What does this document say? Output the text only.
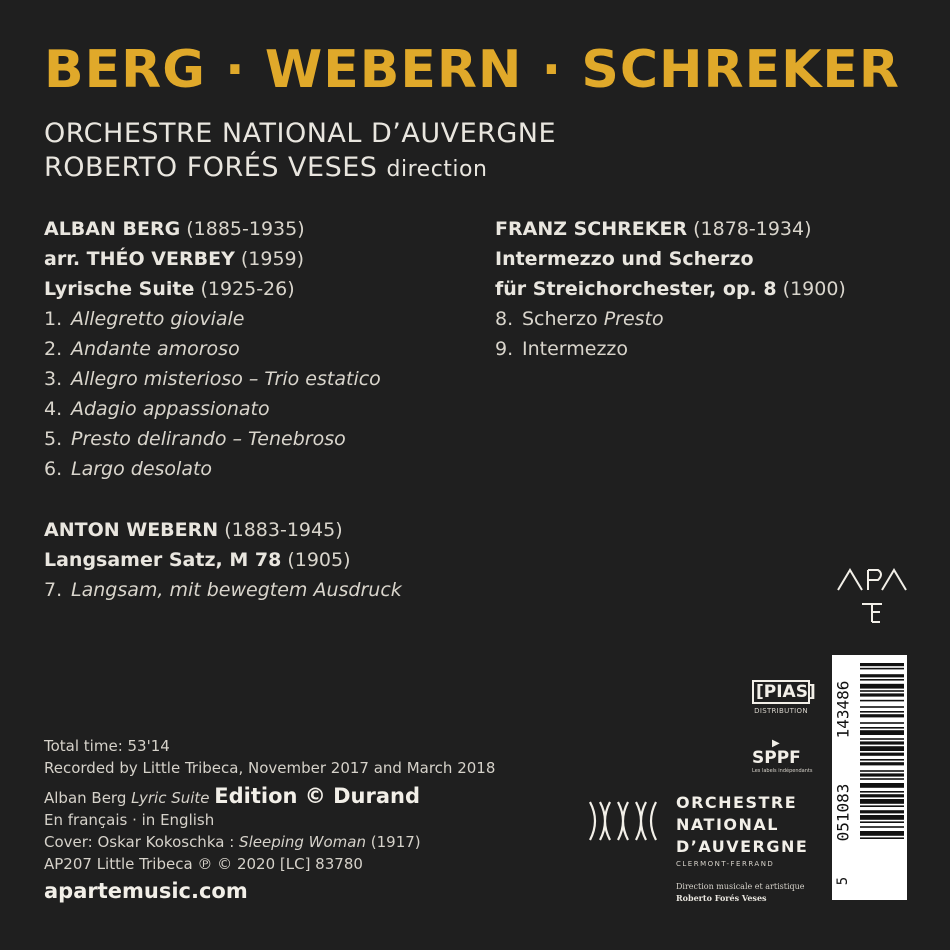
BERG · WEBERN · SCHREKER
ORCHESTRE NATIONAL D’AUVERGNE
ROBERTO FORÉS VESES direction
ALBAN BERG (1885-1935)
arr. THÉO VERBEY (1959)
Lyrische Suite (1925-26)
1. Allegretto gioviale
2. Andante amoroso
3. Allegro misterioso – Trio estatico
4. Adagio appassionato
5. Presto delirando – Tenebroso
6. Largo desolato
ANTON WEBERN (1883-1945)
Langsamer Satz, M 78 (1905)
7. Langsam, mit bewegtem Ausdruck
FRANZ SCHREKER (1878-1934)
Intermezzo und Scherzo
für Streichorchester, op. 8 (1900)
8. Scherzo Presto
9. Intermezzo
Total time: 53'14
Recorded by Little Tribeca, November 2017 and March 2018
Alban Berg Lyric Suite Edition © Durand
En français · in English
Cover: Oskar Kokoschka : Sleeping Woman (1917)
AP207 Little Tribeca ℗ © 2020 [LC] 83780
apartemusic.com
[PIAS]
DISTRIBUTION
▶
SPPF
Les labels indépendants
ORCHESTRE
NATIONAL
D’AUVERGNE
CLERMONT-FERRAND
Direction musicale et artistique
Roberto Forés Veses
5
051083
143486
